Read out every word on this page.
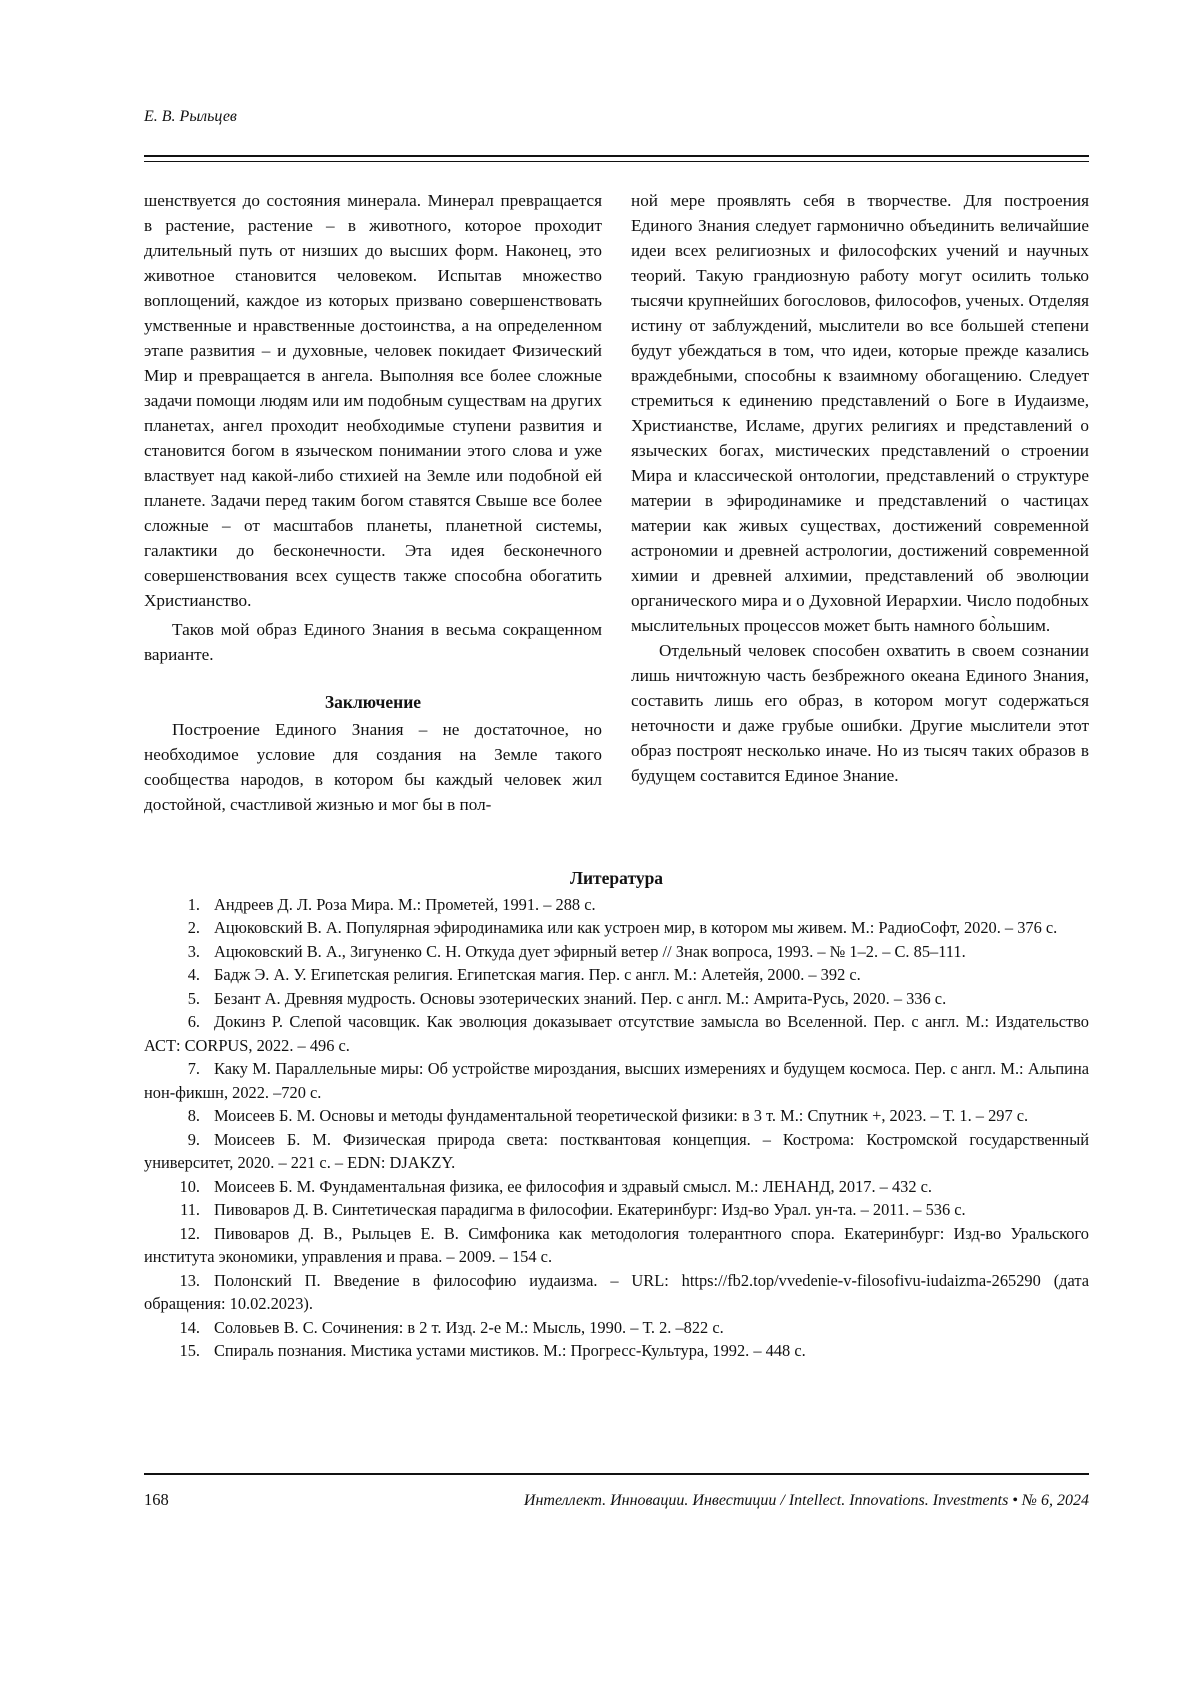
Е. В. Рыльцев

шенствуется до состояния минерала. Минерал превращается в растение, растение – в животного, которое проходит длительный путь от низших до высших форм. Наконец, это животное становится человеком. Испытав множество воплощений, каждое из которых призвано совершенствовать умственные и нравственные достоинства, а на определенном этапе развития – и духовные, человек покидает Физический Мир и превращается в ангела. Выполняя все более сложные задачи помощи людям или им подобным существам на других планетах, ангел проходит необходимые ступени развития и становится богом в языческом понимании этого слова и уже властвует над какой-либо стихией на Земле или подобной ей планете. Задачи перед таким богом ставятся Свыше все более сложные – от масштабов планеты, планетной системы, галактики до бесконечности. Эта идея бесконечного совершенствования всех существ также способна обогатить Христианство.

Таков мой образ Единого Знания в весьма сокращенном варианте.

Заключение

Построение Единого Знания – не достаточное, но необходимое условие для создания на Земле такого сообщества народов, в котором бы каждый человек жил достойной, счастливой жизнью и мог бы в пол-

ной мере проявлять себя в творчестве. Для построения Единого Знания следует гармонично объединить величайшие идеи всех религиозных и философских учений и научных теорий. Такую грандиозную работу могут осилить только тысячи крупнейших богословов, философов, ученых. Отделяя истину от заблуждений, мыслители во все большей степени будут убеждаться в том, что идеи, которые прежде казались враждебными, способны к взаимному обогащению. Следует стремиться к единению представлений о Боге в Иудаизме, Христианстве, Исламе, других религиях и представлений о языческих богах, мистических представлений о строении Мира и классической онтологии, представлений о структуре материи в эфиродинамике и представлений о частицах материи как живых существах, достижений современной астрономии и древней астрологии, достижений современной химии и древней алхимии, представлений об эволюции органического мира и о Духовной Иерархии. Число подобных мыслительных процессов может быть намного бо̀льшим.

Отдельный человек способен охватить в своем сознании лишь ничтожную часть безбрежного океана Единого Знания, составить лишь его образ, в котором могут содержаться неточности и даже грубые ошибки. Другие мыслители этот образ построят несколько иначе. Но из тысяч таких образов в будущем составится Единое Знание.

Литература
1. Андреев Д. Л. Роза Мира. М.: Прометей, 1991. – 288 с.
2. Ацюковский В. А. Популярная эфиродинамика или как устроен мир, в котором мы живем. М.: РадиоСофт, 2020. – 376 с.
3. Ацюковский В. А., Зигуненко С. Н. Откуда дует эфирный ветер // Знак вопроса, 1993. – № 1–2. – С. 85–111.
4. Бадж Э. А. У. Египетская религия. Египетская магия. Пер. с англ. М.: Алетейя, 2000. – 392 с.
5. Безант А. Древняя мудрость. Основы эзотерических знаний. Пер. с англ. М.: Амрита-Русь, 2020. – 336 с.
6. Докинз Р. Слепой часовщик. Как эволюция доказывает отсутствие замысла во Вселенной. Пер. с англ. М.: Издательство АСТ: CORPUS, 2022. – 496 с.
7. Каку М. Параллельные миры: Об устройстве мироздания, высших измерениях и будущем космоса. Пер. с англ. М.: Альпина нон-фикшн, 2022. –720 с.
8. Моисеев Б. М. Основы и методы фундаментальной теоретической физики: в 3 т. М.: Спутник +, 2023. – Т. 1. – 297 с.
9. Моисеев Б. М. Физическая природа света: постквантовая концепция. – Кострома: Костромской государственный университет, 2020. – 221 с. – EDN: DJAKZY.
10. Моисеев Б. М. Фундаментальная физика, ее философия и здравый смысл. М.: ЛЕНАНД, 2017. – 432 с.
11. Пивоваров Д. В. Синтетическая парадигма в философии. Екатеринбург: Изд-во Урал. ун-та. – 2011. – 536 с.
12. Пивоваров Д. В., Рыльцев Е. В. Симфоника как методология толерантного спора. Екатеринбург: Изд-во Уральского института экономики, управления и права. – 2009. – 154 с.
13. Полонский П. Введение в философию иудаизма. – URL: https://fb2.top/vvedenie-v-filosofivu-iudaizma-265290 (дата обращения: 10.02.2023).
14. Соловьев В. С. Сочинения: в 2 т. Изд. 2-е М.: Мысль, 1990. – Т. 2. –822 с.
15. Спираль познания. Мистика устами мистиков. М.: Прогресс-Культура, 1992. – 448 с.
168	Интеллект. Инновации. Инвестиции / Intellect. Innovations. Investments • № 6, 2024
